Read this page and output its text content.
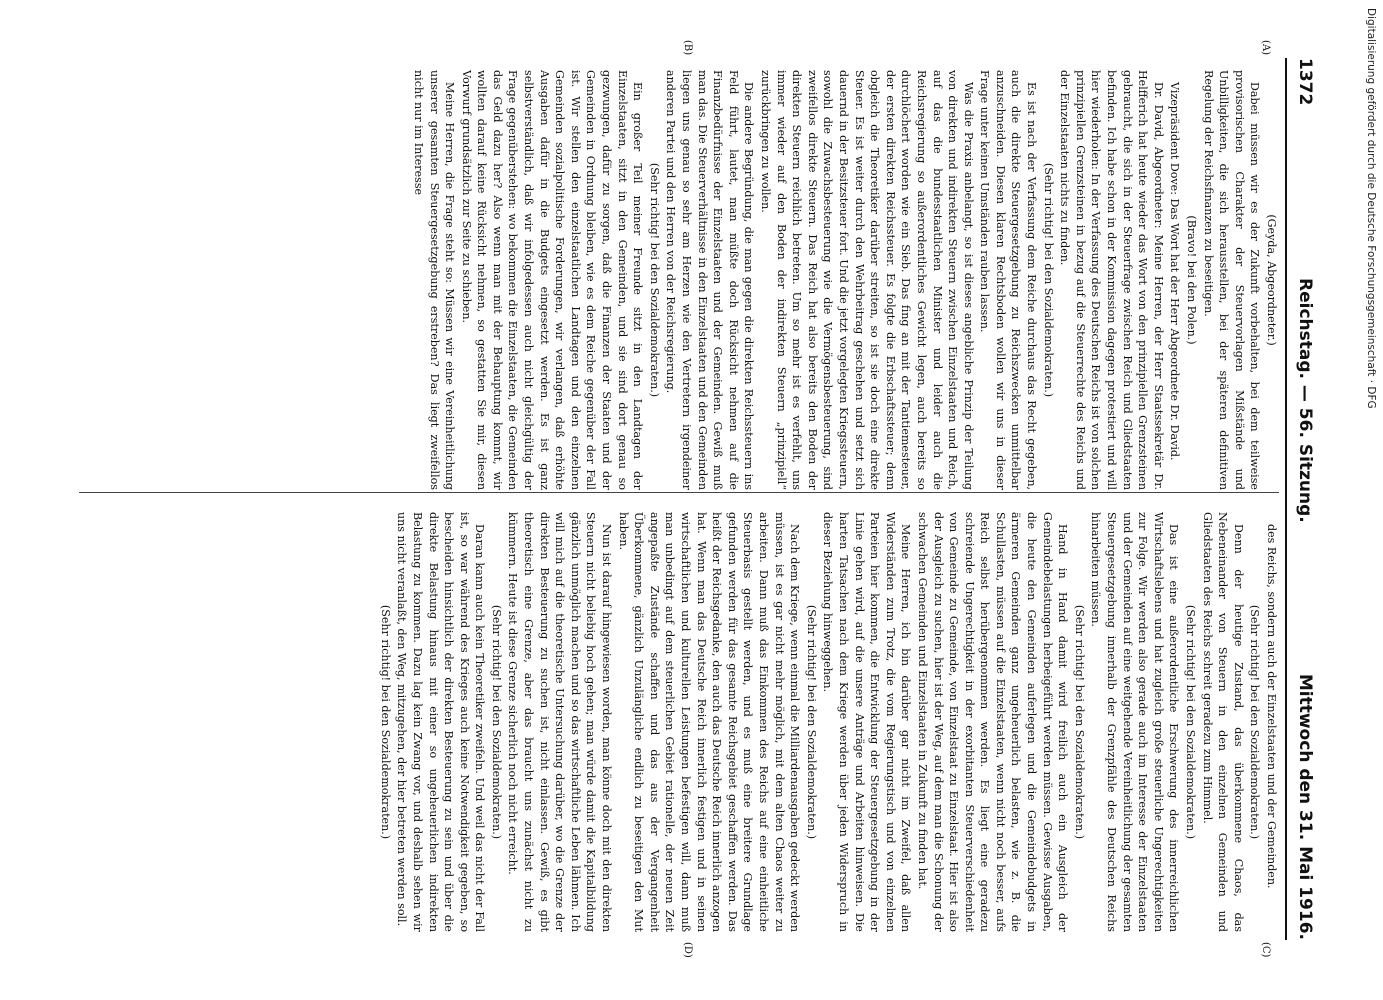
1372
Reichstag. — 56. Sitzung.
Mittwoch den 31. Mai 1916.
(A)
(B)
(C)
(D)

(Geyda, Abgeordneter.)

Dabei müssen wir es der Zukunft vorbehalten, bei dem teilweise provisorischen Charakter der Steuervorlagen Mißstände und Unbilligkeiten, die sich herausstellen, bei der späteren definitiven Regelung der Reichsfinanzen zu beseitigen.

(Bravo! bei den Polen.)

Vizepräsident Dove: Das Wort hat der Herr Abgeordnete Dr. David.

Dr. David, Abgeordneter: Meine Herren, der Herr Staatssekretär Dr. Helfferich hat heute wieder das Wort von den prinzipiellen Grenzsteinen gebraucht, die sich in der Steuerfrage zwischen Reich und Gliedstaaten befinden. Ich habe schon in der Kommission dagegen protestiert und will hier wiederholen: In der Verfassung des Deutschen Reichs ist von solchen prinzipiellen Grenzsteinen in bezug auf die Steuerrechte des Reichs und der Einzelstaaten nichts zu finden.

(Sehr richtig! bei den Sozialdemokraten.)

Es ist nach der Verfassung dem Reiche durchaus das Recht gegeben, auch die direkte Steuergesetzgebung zu Reichszwecken unmittelbar anzuschneiden. Diesen klaren Rechtsboden wollen wir uns in dieser Frage unter keinen Umständen rauben lassen.

Was die Praxis anbelangt, so ist dieses angebliche Prinzip der Teilung von direkten und indirekten Steuern zwischen Einzelstaaten und Reich, auf das die bundesstaatlichen Minister und leider auch die Reichsregierung so außerordentliches Gewicht legen, auch bereits so durchlöchert worden wie ein Sieb. Das fing an mit der Tantiemesteuer, der ersten direkten Reichssteuer. Es folgte die Erbschaftssteuer; denn obgleich die Theoretiker darüber streiten, so ist sie doch eine direkte Steuer. Es ist weiter durch den Wehrbeitrag geschehen und setzt sich dauernd in der Besitzsteuer fort. Und die jetzt vorgelegten Kriegssteuern, sowohl die Zuwachsbesteuerung wie die Vermögensbesteuerung, sind zweifellos direkte Steuern. Das Reich hat also bereits den Boden der direkten Steuern reichlich betreten. Um so mehr ist es verfehlt, uns immer wieder auf den Boden der indirekten Steuern „prinzipiell“ zurückbringen zu wollen.

Die andere Begründung, die man gegen die direkten Reichssteuern ins Feld führt, lautet, man müßte doch Rücksicht nehmen auf die Finanzbedürfnisse der Einzelstaaten und der Gemeinden. Gewiß muß man das. Die Steuerverhältnisse in den Einzelstaaten und den Gemeinden liegen uns genau so sehr am Herzen wie den Vertretern irgendeiner anderen Partei und den Herren von der Reichsregierung.

(Sehr richtig! bei den Sozialdemokraten.)

Ein großer Teil meiner Freunde sitzt in den Landtagen der Einzelstaaten, sitzt in den Gemeinden, und sie sind dort genau so gezwungen, dafür zu sorgen, daß die Finanzen der Staaten und der Gemeinden in Ordnung bleiben, wie es dem Reiche gegenüber der Fall ist. Wir stellen den einzelstaatlichen Landtagen und den einzelnen Gemeinden sozialpolitische Forderungen, wir verlangen, daß erhöhte Ausgaben dafür in die Budgets eingesetzt werden. Es ist ganz selbstverständlich, daß wir infolgedessen auch nicht gleichgültig der Frage gegenüberstehen: wo bekommen die Einzelstaaten, die Gemeinden das Geld dazu her? Also wenn man mit der Behauptung kommt, wir wollten darauf keine Rücksicht nehmen, so gestatten Sie mir, diesen Vorwurf grundsätzlich zur Seite zu schieben.

Meine Herren, die Frage steht so: Müssen wir eine Vereinheitlichung unserer gesamten Steuergesetzgebung erstreben? Das liegt zweifellos nicht nur im Interesse

des Reichs, sondern auch der Einzelstaaten und der Gemeinden.

(Sehr richtig! bei den Sozialdemokraten.)

Denn der heutige Zustand, das überkommene Chaos, das Nebeneinander von Steuern in den einzelnen Gemeinden und Gliedstaaten des Reichs schreit geradezu zum Himmel.

(Sehr richtig! bei den Sozialdemokraten.)

Das ist eine außerordentliche Erschwerung des innerreichlichen Wirtschaftslebens und hat zugleich große steuerliche Ungerechtigkeiten zur Folge. Wir werden also gerade auch im Interesse der Einzelstaaten und der Gemeinden auf eine weitgehende Vereinheitlichung der gesamten Steuergesetzgebung innerhalb der Grenzpfähle des Deutschen Reichs hinarbeiten müssen.

(Sehr richtig! bei den Sozialdemokraten.)

Hand in Hand damit wird freilich auch ein Ausgleich der Gemeindebelastungen herbeigeführt werden müssen. Gewisse Ausgaben, die heute den Gemeinden auferlegen und die Gemeindebudgets in ärmeren Gemeinden ganz ungeheuerlich belasten, wie z. B. die Schullasten, müssen auf die Einzelstaaten, wenn nicht noch besser, aufs Reich selbst herübergenommen werden. Es liegt eine geradezu schreiende Ungerechtigkeit in der exorbitanten Steuerverschiedenheit von Gemeinde zu Gemeinde, von Einzelstaat zu Einzelstaat. Hier ist also der Ausgleich zu suchen, hier ist der Weg, auf dem man die Schonung der schwachen Gemeinden und Einzelstaaten in Zukunft zu finden hat.

Meine Herren, ich bin darüber gar nicht im Zweifel, daß allen Widerständen zum Trotz, die vom Regierungstisch und von einzelnen Parteien hier kommen, die Entwicklung der Steuergesetzgebung in der Linie gehen wird, auf die unsere Anträge und Arbeiten hinweisen. Die harten Tatsachen nach dem Kriege werden über jeden Widerspruch in dieser Beziehung hinweggehen.

(Sehr richtig! bei den Sozialdemokraten.)

Nach dem Kriege, wenn einmal die Milliardenausgaben gedeckt werden müssen, ist es gar nicht mehr möglich, mit dem alten Chaos weiter zu arbeiten. Dann muß das Einkommen des Reichs auf eine einheitliche Steuerbasis gestellt werden, und es muß eine breitere Grundlage gefunden werden für das gesamte Reichsgebiet geschaffen werden. Das heißt der Reichsgedanke, den auch das Deutsche Reich innerlich anzogen hat. Wenn man das Deutsche Reich innerlich festigen und in seinen wirtschaftlichen und kulturellen Leistungen befestigen will, dann muß man unbedingt auf dem steuerlichen Gebiet rationelle, der neuen Zeit angepaßte Zustände schaffen und das aus der Vergangenheit Überkommene, gänzlich Unzulängliche endlich zu beseitigen den Mut haben.

Nun ist darauf hingewiesen worden, man könne doch mit den direkten Steuern nicht beliebig hoch gehen; man würde damit die Kapitalbildung gänzlich unmöglich machen und so das wirtschaftliche Leben lähmen. Ich will mich auf die theoretische Untersuchung darüber, wo die Grenze der direkten Besteuerung zu suchen ist, nicht einlassen. Gewiß, es gibt theoretisch eine Grenze, aber das braucht uns zunächst nicht zu kümmern. Heute ist diese Grenze sicherlich noch nicht erreicht.

(Sehr richtig! bei den Sozialdemokraten.)

Daran kann auch kein Theoretiker zweifeln. Und weil das nicht der Fall ist, so war während des Krieges auch keine Notwendigkeit gegeben, so bescheiden hinsichtlich der direkten Besteuerung zu sein und über die direkte Belastung hinaus mit einer so ungeheuerlichen indirekten Belastung zu kommen. Dazu lag kein Zwang vor, und deshalb sehen wir uns nicht veranlaßt, den Weg, mitzugehen, der hier betreten werden soll.

(Sehr richtig! bei den Sozialdemokraten.)

Digitalisierung gefördert durch die Deutsche Forschungsgemeinschaft · DFG
